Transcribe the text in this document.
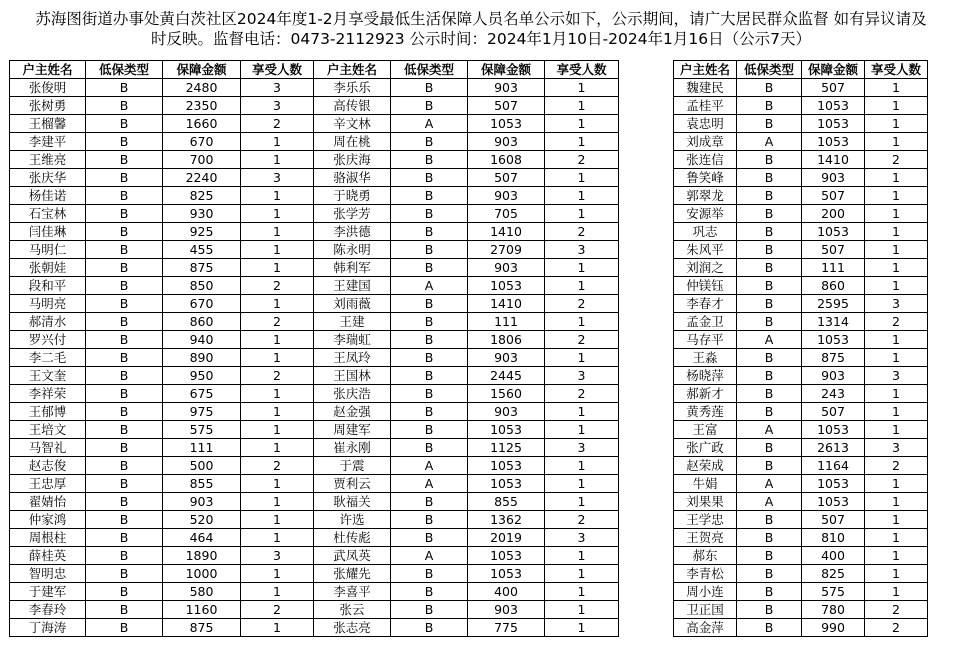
苏海图街道办事处黄白茨社区2024年度1-2月享受最低生活保障人员名单公示如下，公示期间，请广大居民群众监督 如有异议请及
时反映。监督电话：0473-2112923 公示时间：2024年1月10日-2024年1月16日（公示7天）
户主姓名	低保类型	保障金额	享受人数	户主姓名	低保类型	保障金额	享受人数
张俊明	B	2480	3	李乐乐	B	903	1
张树勇	B	2350	3	高传银	B	507	1
王榴馨	B	1660	2	辛文林	A	1053	1
李建平	B	670	1	周在桃	B	903	1
王维亮	B	700	1	张庆海	B	1608	2
张庆华	B	2240	3	骆淑华	B	507	1
杨佳诺	B	825	1	于晓勇	B	903	1
石宝林	B	930	1	张学芳	B	705	1
闫佳琳	B	925	1	李洪德	B	1410	2
马明仁	B	455	1	陈永明	B	2709	3
张朝娃	B	875	1	韩利军	B	903	1
段和平	B	850	2	王建国	A	1053	1
马明亮	B	670	1	刘雨薇	B	1410	2
郝清水	B	860	2	王建	B	111	1
罗兴付	B	940	1	李瑞虹	B	1806	2
李二毛	B	890	1	王凤玲	B	903	1
王文奎	B	950	2	王国林	B	2445	3
李祥荣	B	675	1	张庆浩	B	1560	2
王郁博	B	975	1	赵金强	B	903	1
王培文	B	575	1	周建军	B	1053	1
马智礼	B	111	1	崔永刚	B	1125	3
赵志俊	B	500	2	于震	A	1053	1
王忠厚	B	855	1	贾利云	A	1053	1
翟婧怡	B	903	1	耿福关	B	855	1
仲家鸿	B	520	1	许选	B	1362	2
周根柱	B	464	1	杜传彪	B	2019	3
薛桂英	B	1890	3	武凤英	A	1053	1
智明忠	B	1000	1	张耀先	B	1053	1
于建军	B	580	1	李喜平	B	400	1
李春玲	B	1160	2	张云	B	903	1
丁海涛	B	875	1	张志亮	B	775	1
户主姓名	低保类型	保障金额	享受人数
魏建民	B	507	1
孟桂平	B	1053	1
袁忠明	B	1053	1
刘成章	A	1053	1
张连信	B	1410	2
鲁笑峰	B	903	1
郭翠龙	B	507	1
安源举	B	200	1
巩志	B	1053	1
朱风平	B	507	1
刘润之	B	111	1
仲镁钰	B	860	1
李春才	B	2595	3
孟金卫	B	1314	2
马存平	A	1053	1
王淼	B	875	1
杨晓萍	B	903	3
郝新才	B	243	1
黄秀莲	B	507	1
王富	A	1053	1
张广政	B	2613	3
赵荣成	B	1164	2
牛娟	A	1053	1
刘果果	A	1053	1
王学忠	B	507	1
王贺亮	B	810	1
郝东	B	400	1
李青松	B	825	1
周小连	B	575	1
卫正国	B	780	2
高金萍	B	990	2
